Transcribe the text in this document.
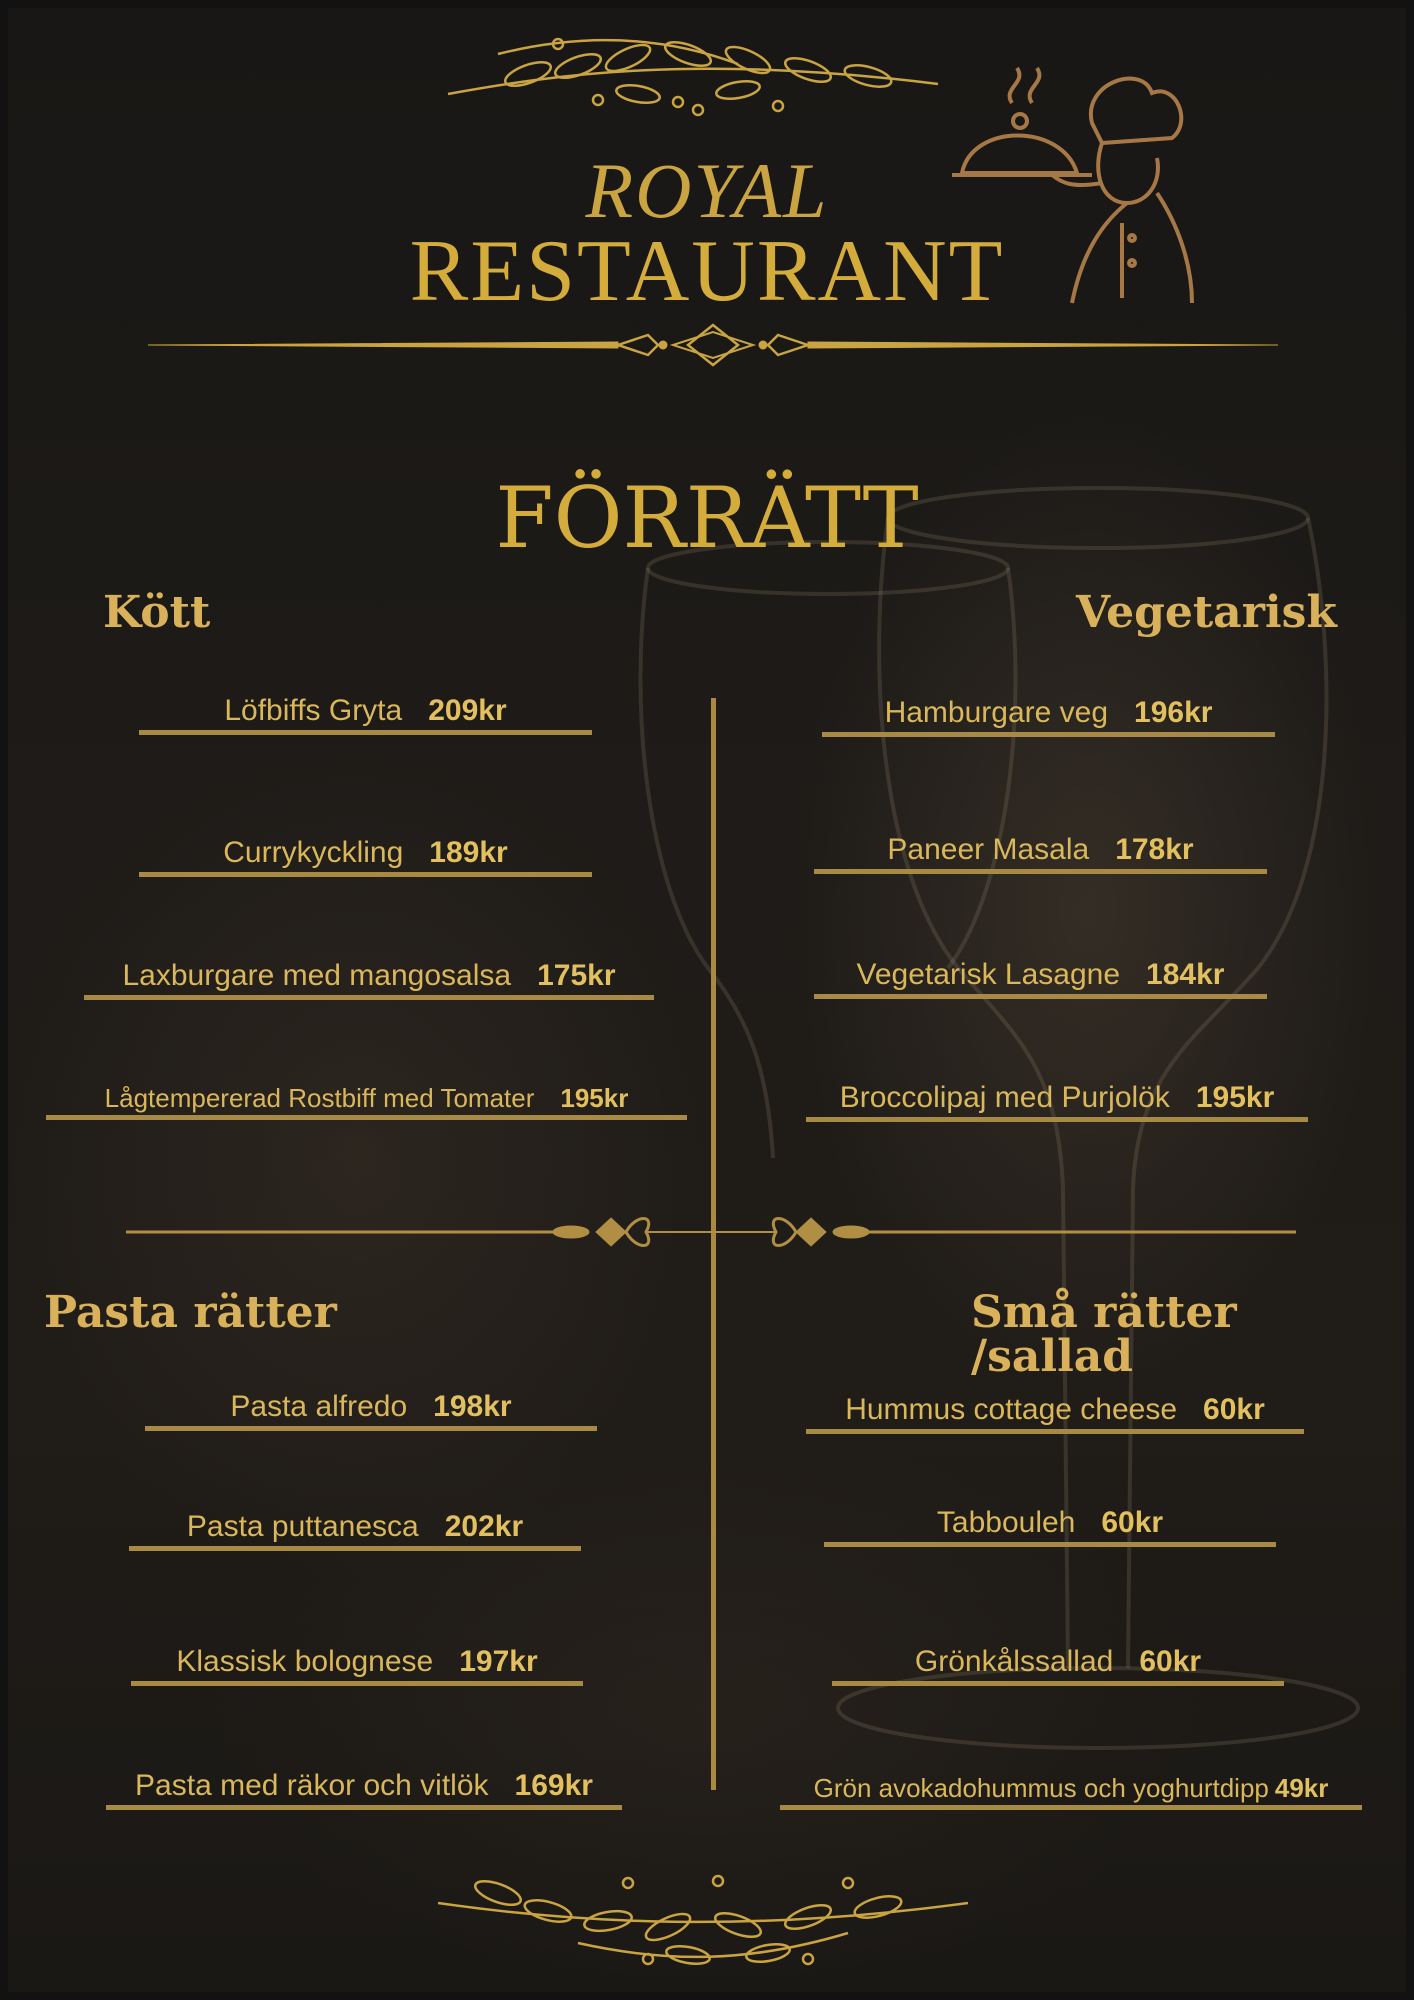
ROYAL
RESTAURANT
FÖRRÄTT
Kött	Vegetarisk
Pasta rätter	Små rätter /sallad
Löfbiffs Gryta 209kr
Currykyckling 189kr
Laxburgare med mangosalsa 175kr
Lågtempererad Rostbiff med Tomater 195kr
Hamburgare veg 196kr
Paneer Masala 178kr
Vegetarisk Lasagne 184kr
Broccolipaj med Purjolök 195kr
Pasta alfredo 198kr
Pasta puttanesca 202kr
Klassisk bolognese 197kr
Pasta med räkor och vitlök 169kr
Hummus cottage cheese 60kr
Tabbouleh 60kr
Grönkålssallad 60kr
Grön avokadohummus och yoghurtdipp 49kr
